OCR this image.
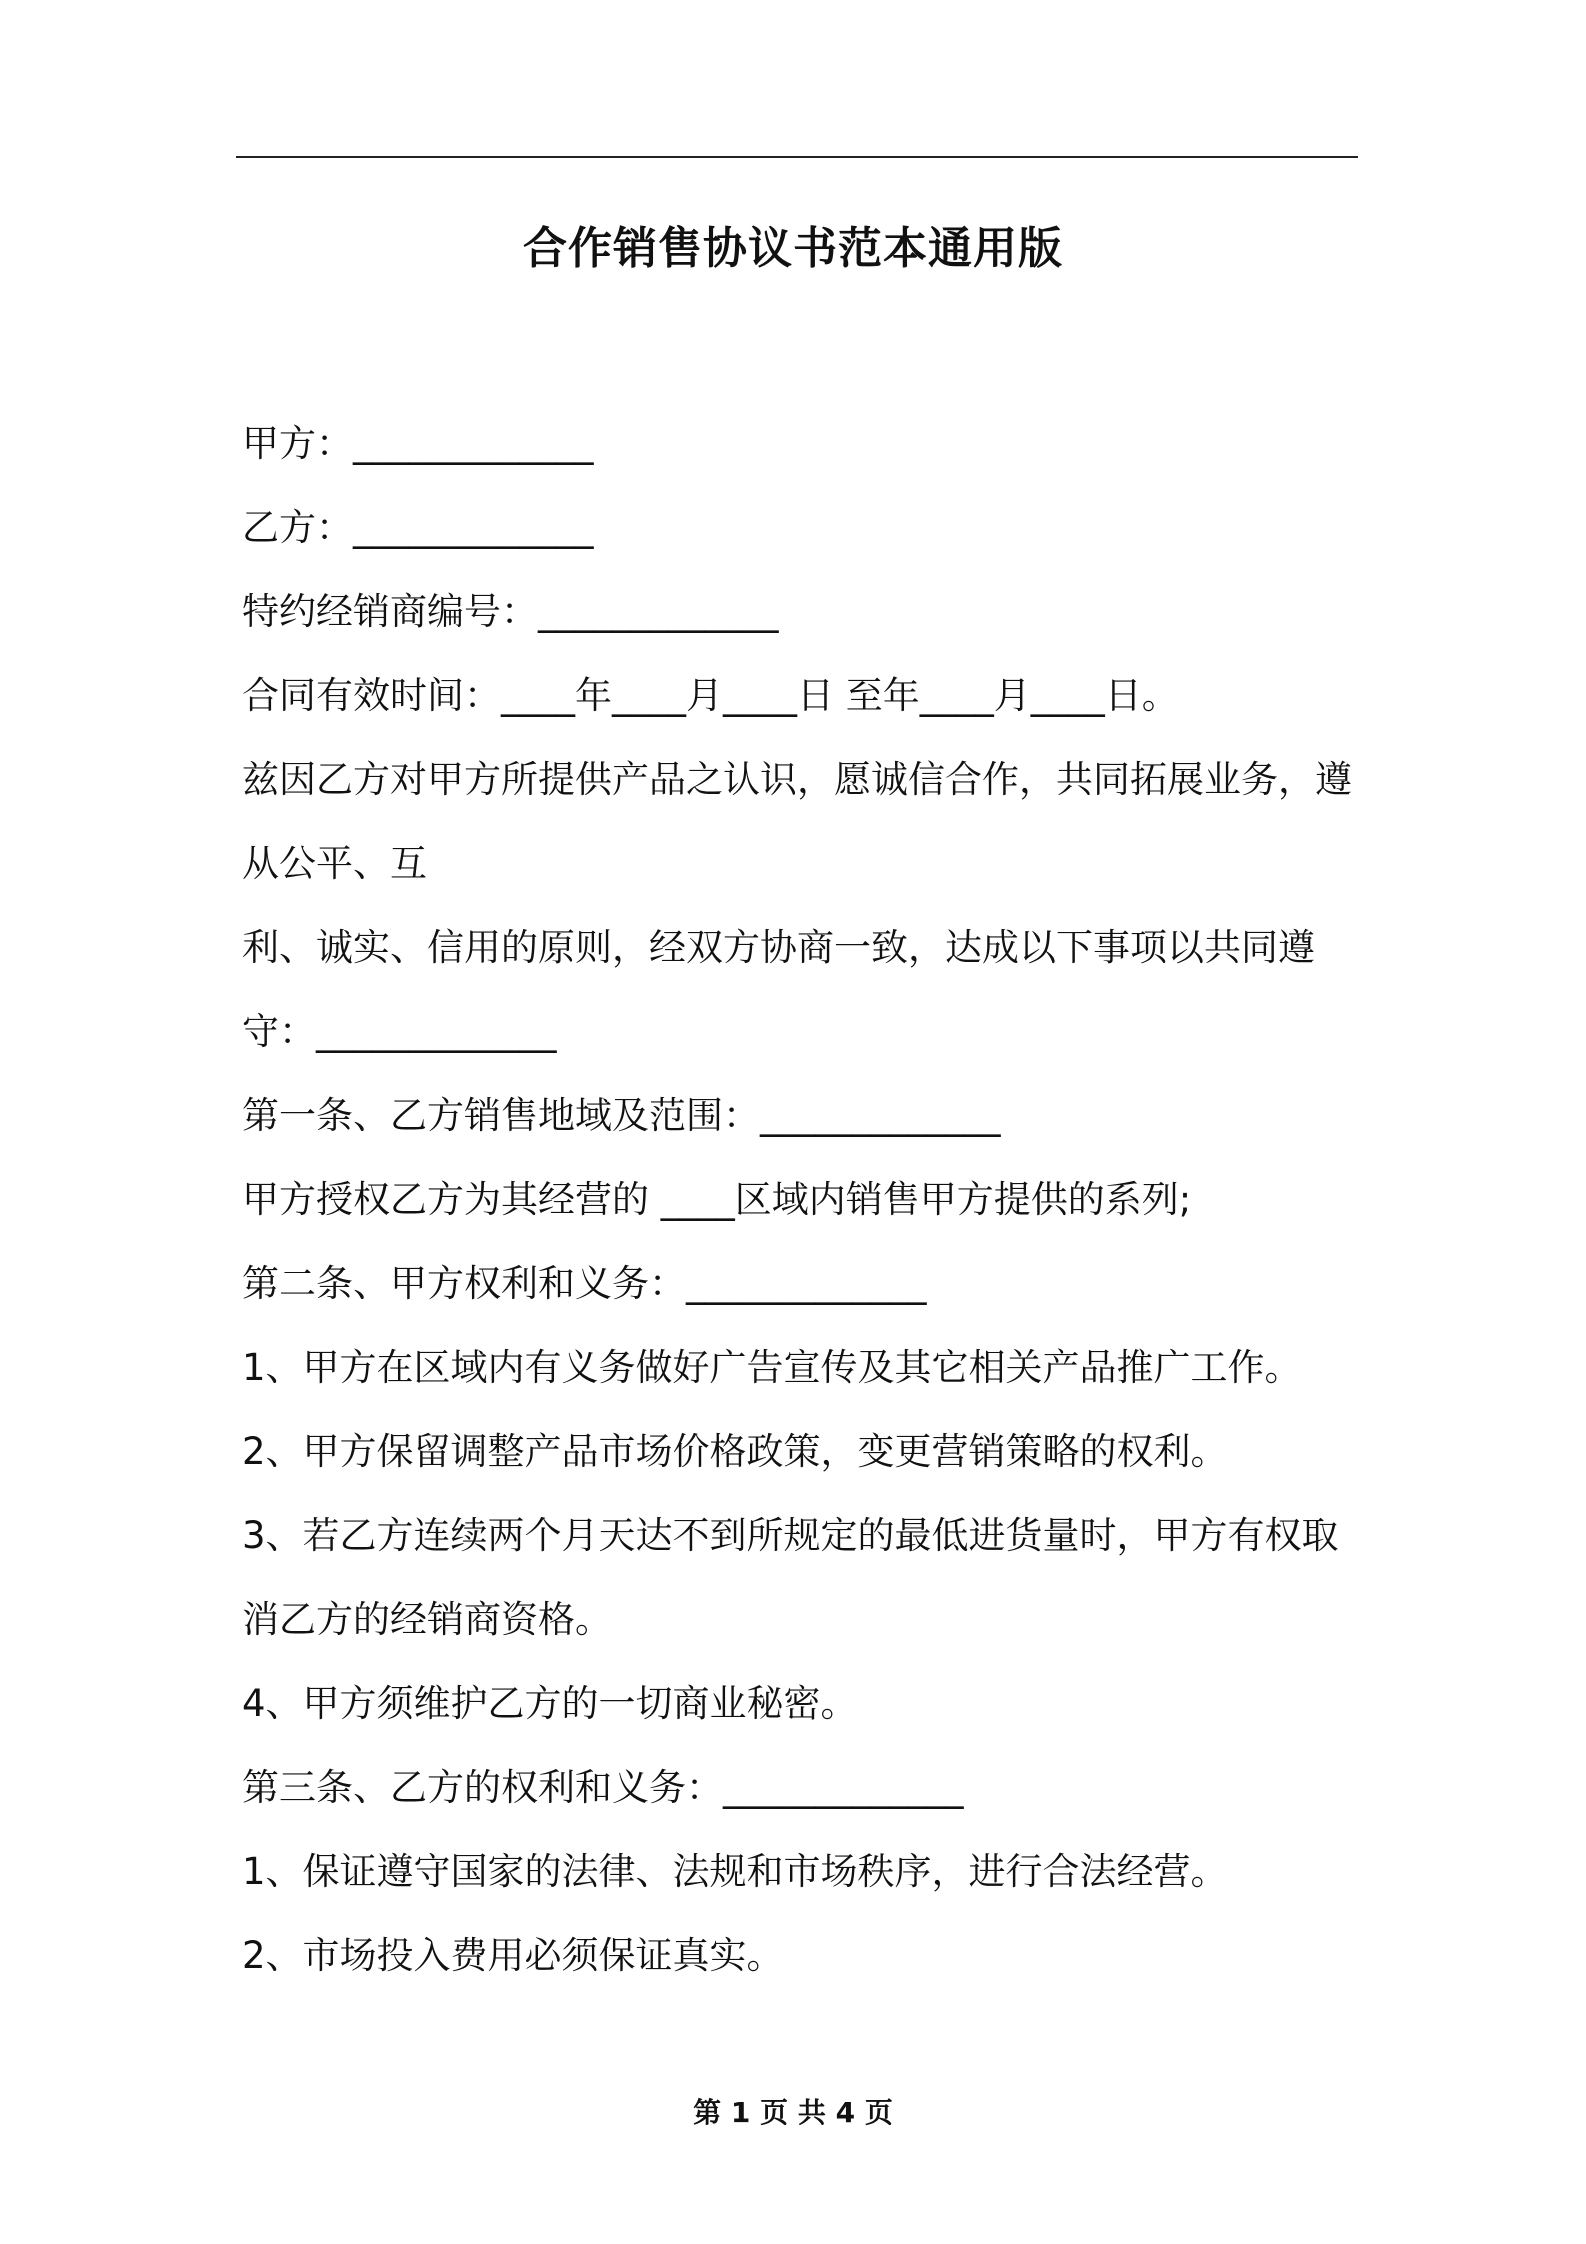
合作销售协议书范本通用版
甲方：_____________
乙方：_____________
特约经销商编号：_____________
合同有效时间：____年____月____日 至年____月____日。
兹因乙方对甲方所提供产品之认识，愿诚信合作，共同拓展业务，遵
从公平、互
利、诚实、信用的原则，经双方协商一致，达成以下事项以共同遵
守：_____________
第一条、乙方销售地域及范围：_____________
甲方授权乙方为其经营的 ____区域内销售甲方提供的系列;
第二条、甲方权利和义务：_____________
1、甲方在区域内有义务做好广告宣传及其它相关产品推广工作。
2、甲方保留调整产品市场价格政策，变更营销策略的权利。
3、若乙方连续两个月天达不到所规定的最低进货量时，甲方有权取
消乙方的经销商资格。
4、甲方须维护乙方的一切商业秘密。
第三条、乙方的权利和义务：_____________
1、保证遵守国家的法律、法规和市场秩序，进行合法经营。
2、市场投入费用必须保证真实。
第 1 页 共 4 页
